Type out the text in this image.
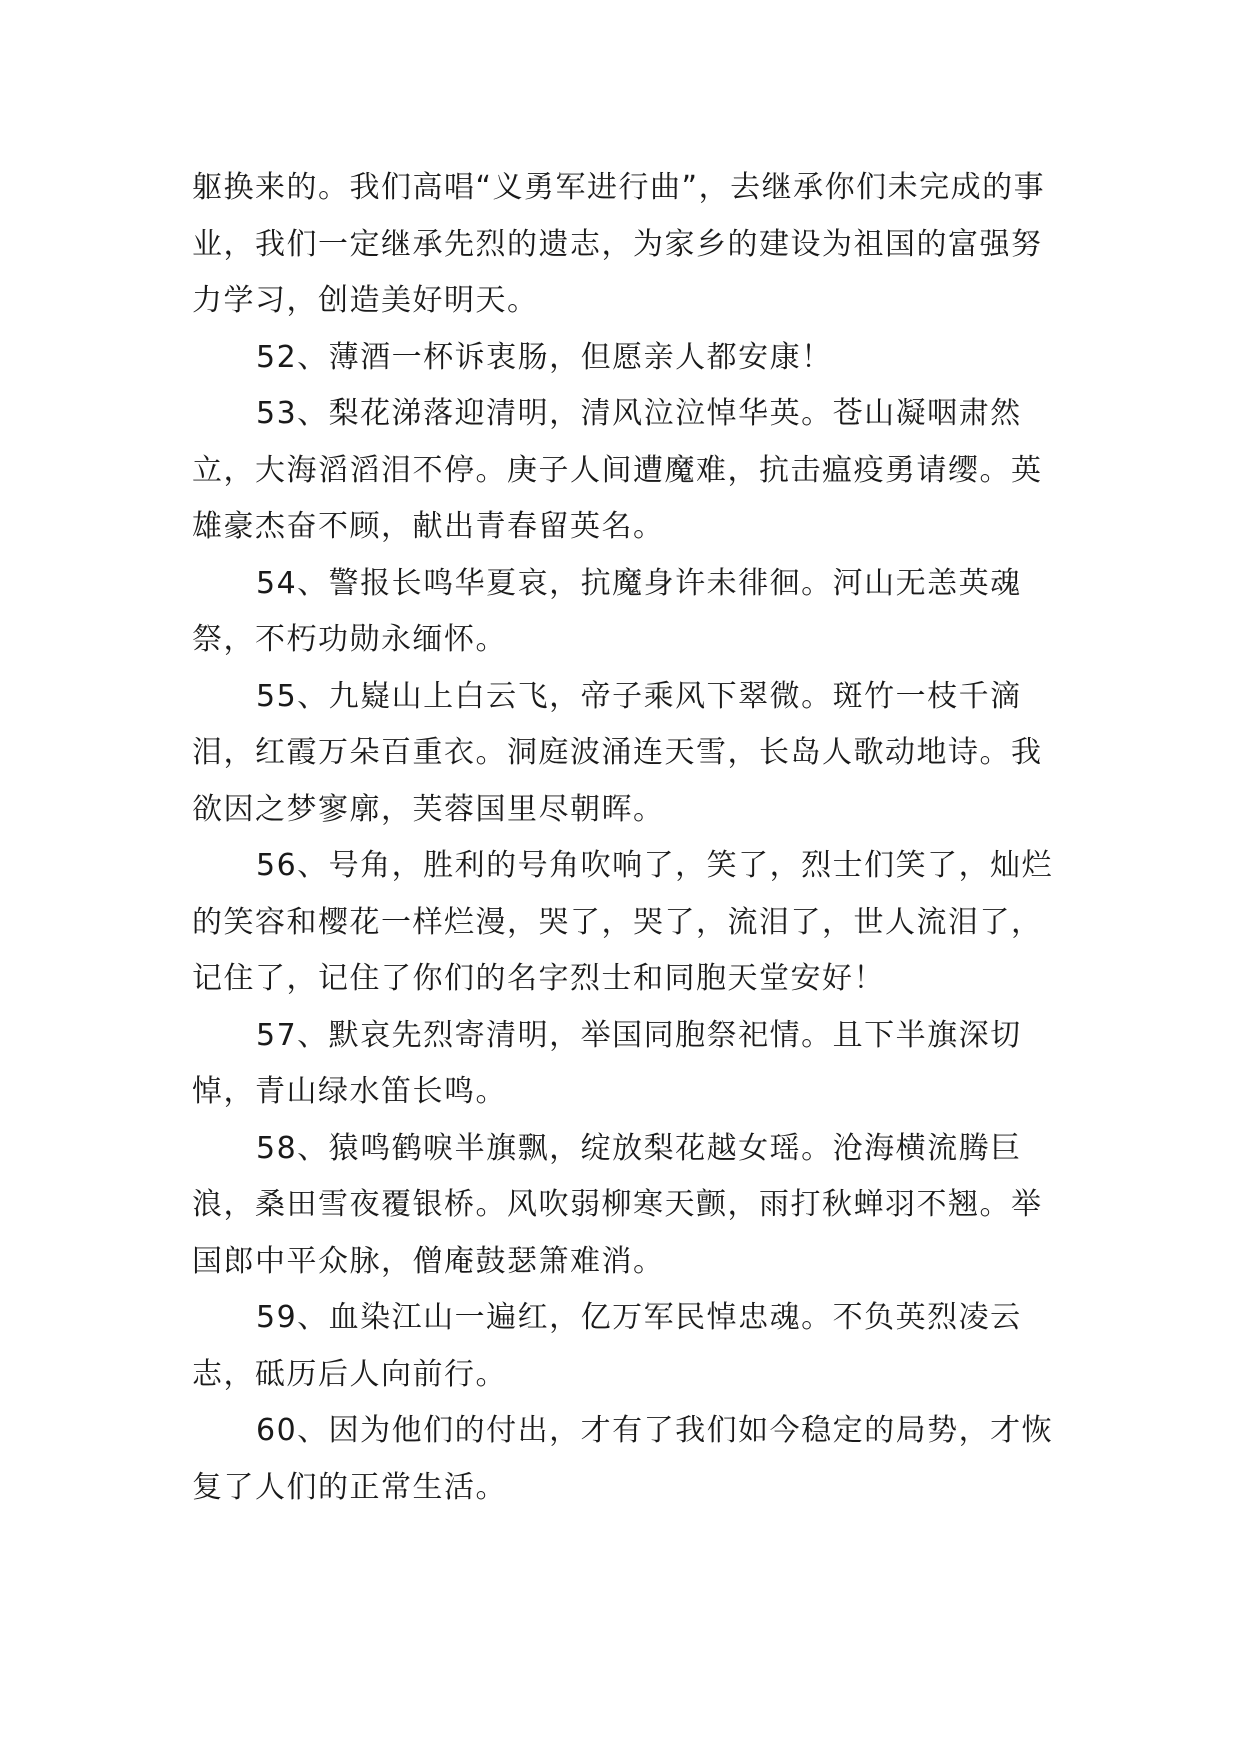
躯换来的。我们高唱“义勇军进行曲”，去继承你们未完成的事业，我们一定继承先烈的遗志，为家乡的建设为祖国的富强努力学习，创造美好明天。

52、薄酒一杯诉衷肠，但愿亲人都安康！

53、梨花涕落迎清明，清风泣泣悼华英。苍山凝咽肃然立，大海滔滔泪不停。庚子人间遭魔难，抗击瘟疫勇请缨。英雄豪杰奋不顾，献出青春留英名。

54、警报长鸣华夏哀，抗魔身许未徘徊。河山无恙英魂祭，不朽功勋永缅怀。

55、九嶷山上白云飞，帝子乘风下翠微。斑竹一枝千滴泪，红霞万朵百重衣。洞庭波涌连天雪，长岛人歌动地诗。我欲因之梦寥廓，芙蓉国里尽朝晖。

56、号角，胜利的号角吹响了，笑了，烈士们笑了，灿烂的笑容和樱花一样烂漫，哭了，哭了，流泪了，世人流泪了，记住了，记住了你们的名字烈士和同胞天堂安好！

57、默哀先烈寄清明，举国同胞祭祀情。且下半旗深切悼，青山绿水笛长鸣。

58、猿鸣鹤唳半旗飘，绽放梨花越女瑶。沧海横流腾巨浪，桑田雪夜覆银桥。风吹弱柳寒天颤，雨打秋蝉羽不翘。举国郎中平众脉，僧庵鼓瑟箫难消。

59、血染江山一遍红，亿万军民悼忠魂。不负英烈凌云志，砥历后人向前行。

60、因为他们的付出，才有了我们如今稳定的局势，才恢复了人们的正常生活。
